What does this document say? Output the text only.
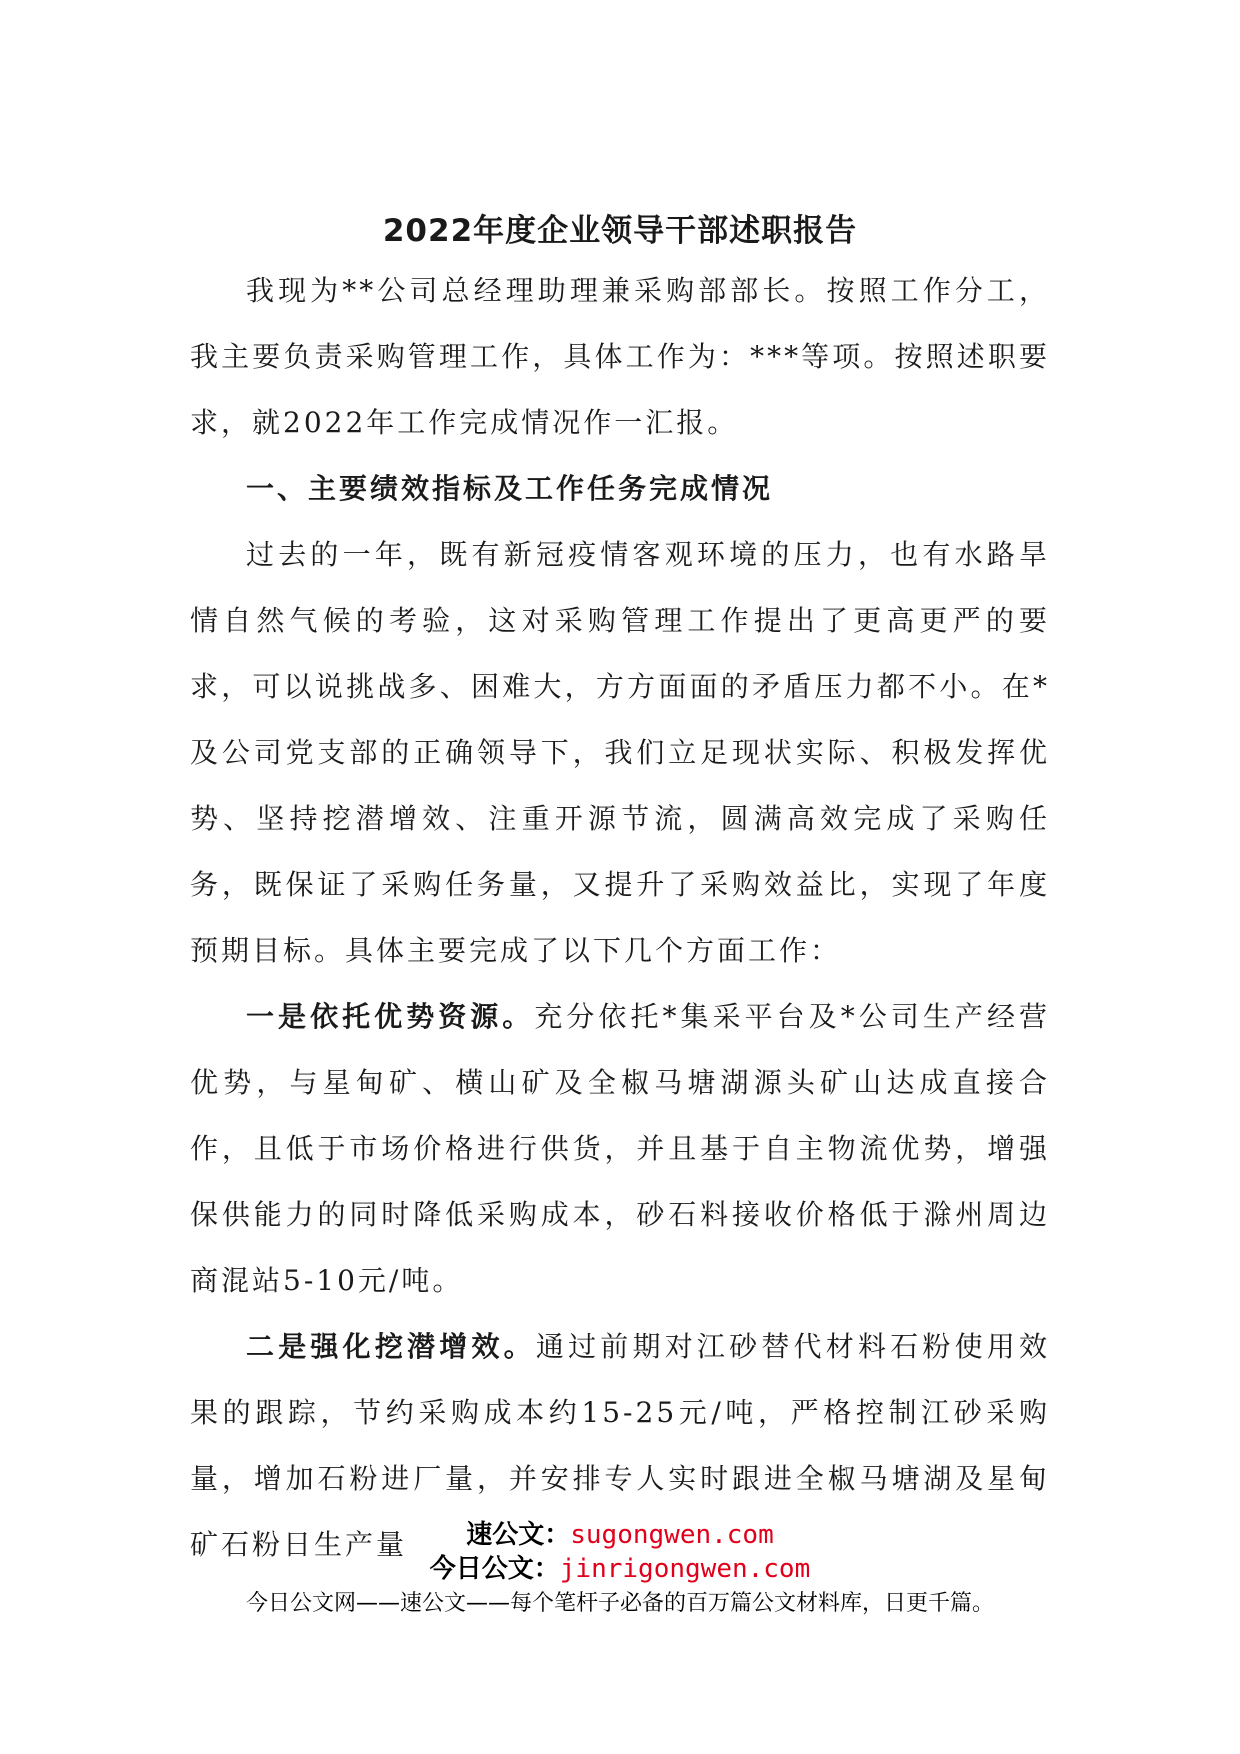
2022年度企业领导干部述职报告

我现为**公司总经理助理兼采购部部长。按照工作分工，我主要负责采购管理工作，具体工作为：***等项。按照述职要求，就2022年工作完成情况作一汇报。

一、主要绩效指标及工作任务完成情况

过去的一年，既有新冠疫情客观环境的压力，也有水路旱情自然气候的考验，这对采购管理工作提出了更高更严的要求，可以说挑战多、困难大，方方面面的矛盾压力都不小。在*及公司党支部的正确领导下，我们立足现状实际、积极发挥优势、坚持挖潜增效、注重开源节流，圆满高效完成了采购任务，既保证了采购任务量，又提升了采购效益比，实现了年度预期目标。具体主要完成了以下几个方面工作：

一是依托优势资源。充分依托*集采平台及*公司生产经营优势，与星甸矿、横山矿及全椒马塘湖源头矿山达成直接合作，且低于市场价格进行供货，并且基于自主物流优势，增强保供能力的同时降低采购成本，砂石料接收价格低于滁州周边商混站5-10元/吨。

二是强化挖潜增效。通过前期对江砂替代材料石粉使用效果的跟踪，节约采购成本约15-25元/吨，严格控制江砂采购量，增加石粉进厂量，并安排专人实时跟进全椒马塘湖及星甸矿石粉日生产量	速公文：sugongwen.com
今日公文：jinrigongwen.com
今日公文网——速公文——每个笔杆子必备的百万篇公文材料库，日更千篇。
